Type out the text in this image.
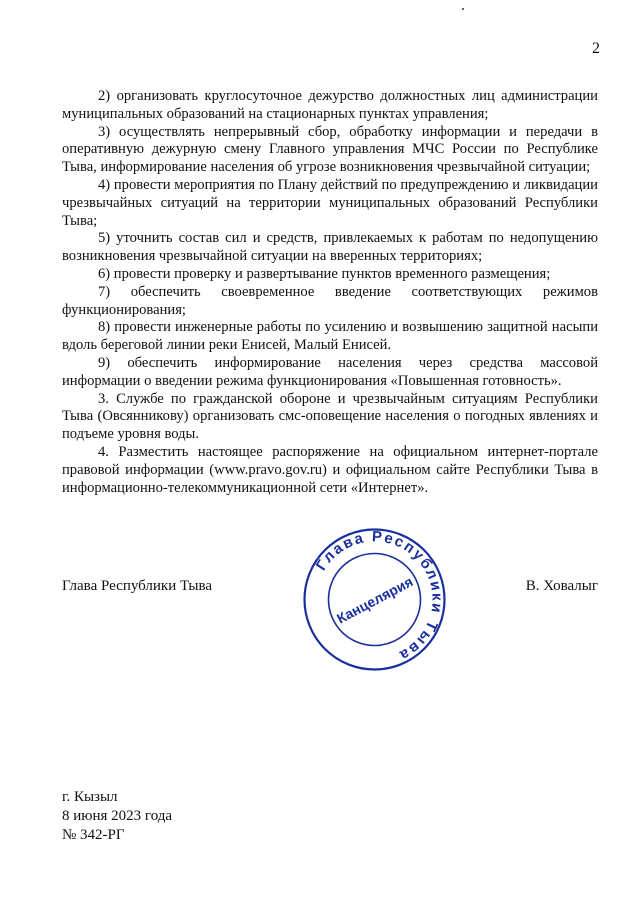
2

2) организовать круглосуточное дежурство должностных лиц администрации муниципальных образований на стационарных пунктах управления;

3) осуществлять непрерывный сбор, обработку информации и передачи в оперативную дежурную смену Главного управления МЧС России по Республике Тыва, информирование населения об угрозе возникновения чрезвычайной ситуации;

4) провести мероприятия по Плану действий по предупреждению и ликвидации чрезвычайных ситуаций на территории муниципальных образований Республики Тыва;

5) уточнить состав сил и средств, привлекаемых к работам по недопущению возникновения чрезвычайной ситуации на вверенных территориях;

6) провести проверку и развертывание пунктов временного размещения;

7) обеспечить своевременное введение соответствующих режимов функционирования;

8) провести инженерные работы по усилению и возвышению защитной насыпи вдоль береговой линии реки Енисей, Малый Енисей.

9) обеспечить информирование населения через средства массовой информации о введении режима функционирования «Повышенная готовность».

3. Службе по гражданской обороне и чрезвычайным ситуациям Республики Тыва (Овсянникову) организовать смс-оповещение населения о погодных явлениях и подъеме уровня воды.

4. Разместить настоящее распоряжение на официальном интернет-портале правовой информации (www.pravo.gov.ru) и официальном сайте Республики Тыва в информационно-телекоммуникационной сети «Интернет».

Глава Республики Тыва	В. Ховалыг
Глава Республики Тыва
Канцелярия
г. Кызыл
8 июня 2023 года
№ 342-РГ
